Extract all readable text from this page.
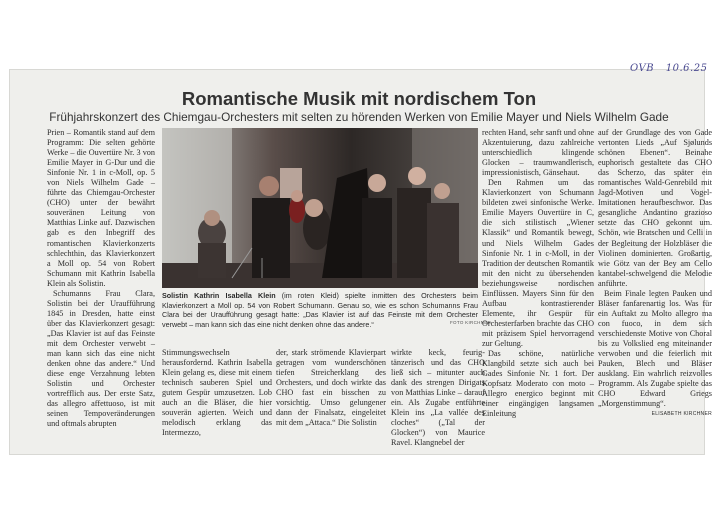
OVB 10.6.25
Romantische Musik mit nordischem Ton
Frühjahrskonzert des Chiemgau-Orchesters mit selten zu hörenden Werken von Emilie Mayer und Niels Wilhelm Gade

Prien – Romantik stand auf dem Programm: Die selten gehörte Werke – die Ouvertüre Nr. 3 von Emilie Mayer in G-Dur und die Sinfonie Nr. 1 in c-Moll, op. 5 von Niels Wilhelm Gade – führte das Chiemgau-Orchester (CHO) unter der bewährt souveränen Leitung von Matthias Linke auf. Dazwischen gab es den Inbegriff des romantischen Klavierkonzerts schlechthin, das Klavierkonzert a Moll op. 54 von Robert Schumann mit Kathrin Isabella Klein als Solistin.

Schumanns Frau Clara, Solistin bei der Uraufführung 1845 in Dresden, hatte einst über das Klavierkonzert gesagt: „Das Klavier ist auf das Feinste mit dem Orchester verwebt – man kann sich das eine nicht denken ohne das andere.“ Und diese enge Verzahnung lebten Solistin und Orchester vortrefflich aus. Der erste Satz, das allegro affettuoso, ist mit seinen Tempoveränderungen und oftmals abrupten

Solistin Kathrin Isabella Klein (im roten Kleid) spielte inmitten des Orchesters beim Klavierkonzert a Moll op. 54 von Robert Schumann. Genau so, wie es schon Schumanns Frau Clara bei der Uraufführung gesagt hatte: „Das Klavier ist auf das Feinste mit dem Orchester verwebt – man kann sich das eine nicht denken ohne das andere.“	FOTO KIRCHNER

Stimmungswechseln herausfordernd. Kathrin Isabella Klein gelang es, diese mit einem technisch sauberen Spiel und gutem Gespür umzusetzen. Lob auch an die Bläser, die hier souverän agierten. Weich und melodisch erklang das Intermezzo,

der, stark strömende Klavierpart getragen vom wunderschönen tiefen Streicherklang des Orchesters, und doch wirkte das CHO fast ein bisschen zu vorsichtig. Umso gelungener dann der Finalsatz, eingeleitet mit dem „Attaca.“ Die Solistin

wirkte keck, feurig-tänzerisch und das CHO ließ sich – mitunter auch dank des strengen Dirigats von Matthias Linke – darauf ein. Als Zugabe entführte Klein ins „La vallée des cloches“ („Tal der Glocken“) von Maurice Ravel. Klangnebel der

rechten Hand, sehr sanft und ohne Akzentuierung, dazu zahlreiche unterschiedlich klingende Glocken – traumwandlerisch, impressionistisch, Gänsehaut.

Den Rahmen um das Klavierkonzert von Schumann bildeten zwei sinfonische Werke. Emilie Mayers Ouvertüre in C, die sich stilistisch „Wiener Klassik“ und Romantik bewegt, und Niels Wilhelm Gades Sinfonie Nr. 1 in c-Moll, in der Tradition der deutschen Romantik mit den nicht zu übersehenden beziehungsweise nordischen Einflüssen. Mayers Sinn für den Aufbau kontrastierender Elemente, ihr Gespür für Orchesterfarben brachte das CHO mit präzisem Spiel hervorragend zur Geltung.

Das schöne, natürliche Klangbild setzte sich auch bei Gades Sinfonie Nr. 1 fort. Der Kopfsatz Moderato con moto – Allegro energico beginnt mit einer eingängigen langsamen Einleitung

auf der Grundlage des von Gade vertonten Lieds „Auf Sjølunds schönen Ebenen“. Beinahe euphorisch gestaltete das CHO das Scherzo, das später ein romantisches Wald-Genrebild mit Jagd-Motiven und Vogel-Imitationen heraufbeschwor. Das gesangliche Andantino grazioso setzte das CHO gekonnt um. Schön, wie Bratschen und Celli in der Begleitung der Holzbläser die Violinen dominierten. Großartig, wie Götz van der Bey am Cello kantabel-schwelgend die Melodie anführte.

Beim Finale legten Pauken und Bläser fanfarenartig los. Was für ein Auftakt zu Molto allegro ma con fuoco, in dem sich verschiedenste Motive von Choral bis zu Volkslied eng miteinander verwoben und die feierlich mit Pauken, Blech und Bläser ausklang. Ein wahrlich reizvolles Programm. Als Zugabe spielte das CHO Edward Griegs „Morgenstimmung“.

ELISABETH KIRCHNER
